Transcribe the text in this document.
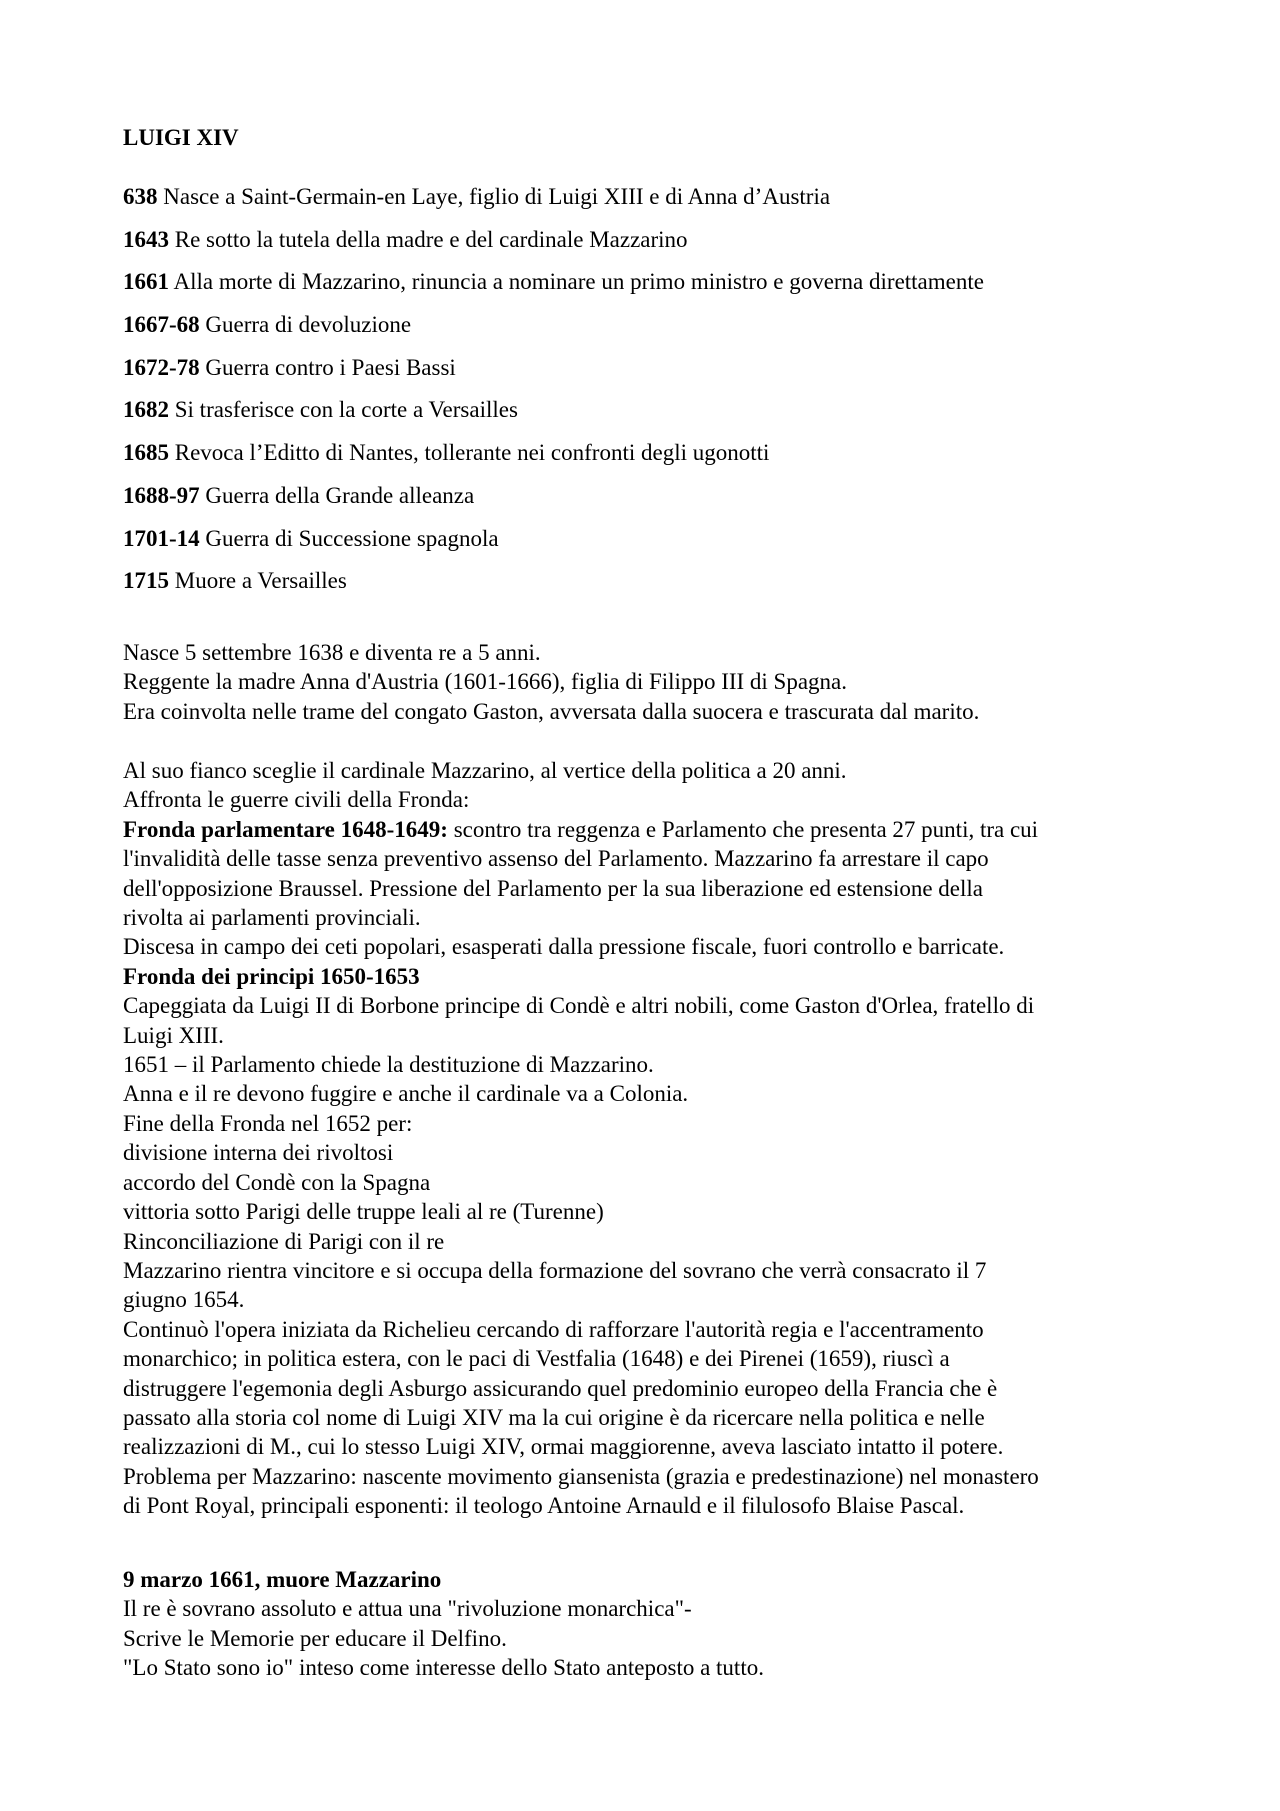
LUIGI XIV
638 Nasce a Saint-Germain-en Laye, figlio di Luigi XIII e di Anna d’Austria
1643 Re sotto la tutela della madre e del cardinale Mazzarino
1661 Alla morte di Mazzarino, rinuncia a nominare un primo ministro e governa direttamente
1667-68 Guerra di devoluzione
1672-78 Guerra contro i Paesi Bassi
1682 Si trasferisce con la corte a Versailles
1685 Revoca l’Editto di Nantes, tollerante nei confronti degli ugonotti
1688-97 Guerra della Grande alleanza
1701-14 Guerra di Successione spagnola
1715 Muore a Versailles
Nasce 5 settembre 1638 e diventa re a 5 anni.
Reggente la madre Anna d'Austria (1601-1666), figlia di Filippo III di Spagna.
Era coinvolta nelle trame del congato Gaston, avversata dalla suocera e trascurata dal marito.
Al suo fianco sceglie il cardinale Mazzarino, al vertice della politica a 20 anni.
Affronta le guerre civili della Fronda:
Fronda parlamentare 1648-1649: scontro tra reggenza e Parlamento che presenta 27 punti, tra cui
l'invalidità delle tasse senza preventivo assenso del Parlamento. Mazzarino fa arrestare il capo
dell'opposizione Braussel. Pressione del Parlamento per la sua liberazione ed estensione della
rivolta ai parlamenti provinciali.
Discesa in campo dei ceti popolari, esasperati dalla pressione fiscale, fuori controllo e barricate.
Fronda dei principi 1650-1653
Capeggiata da Luigi II di Borbone principe di Condè e altri nobili, come Gaston d'Orlea, fratello di
Luigi XIII.
1651 – il Parlamento chiede la destituzione di Mazzarino.
Anna e il re devono fuggire e anche il cardinale va a Colonia.
Fine della Fronda nel 1652 per:
divisione interna dei rivoltosi
accordo del Condè con la Spagna
vittoria sotto Parigi delle truppe leali al re (Turenne)
Rinconciliazione di Parigi con il re
Mazzarino rientra vincitore e si occupa della formazione del sovrano che verrà consacrato il 7
giugno 1654.
Continuò l'opera iniziata da Richelieu cercando di rafforzare l'autorità regia e l'accentramento
monarchico; in politica estera, con le paci di Vestfalia (1648) e dei Pirenei (1659), riuscì a
distruggere l'egemonia degli Asburgo assicurando quel predominio europeo della Francia che è
passato alla storia col nome di Luigi XIV ma la cui origine è da ricercare nella politica e nelle
realizzazioni di M., cui lo stesso Luigi XIV, ormai maggiorenne, aveva lasciato intatto il potere.
Problema per Mazzarino: nascente movimento giansenista (grazia e predestinazione) nel monastero
di Pont Royal, principali esponenti: il teologo Antoine Arnauld e il filulosofo Blaise Pascal.
9 marzo 1661, muore Mazzarino
Il re è sovrano assoluto e attua una "rivoluzione monarchica"-
Scrive le Memorie per educare il Delfino.
"Lo Stato sono io" inteso come interesse dello Stato anteposto a tutto.
